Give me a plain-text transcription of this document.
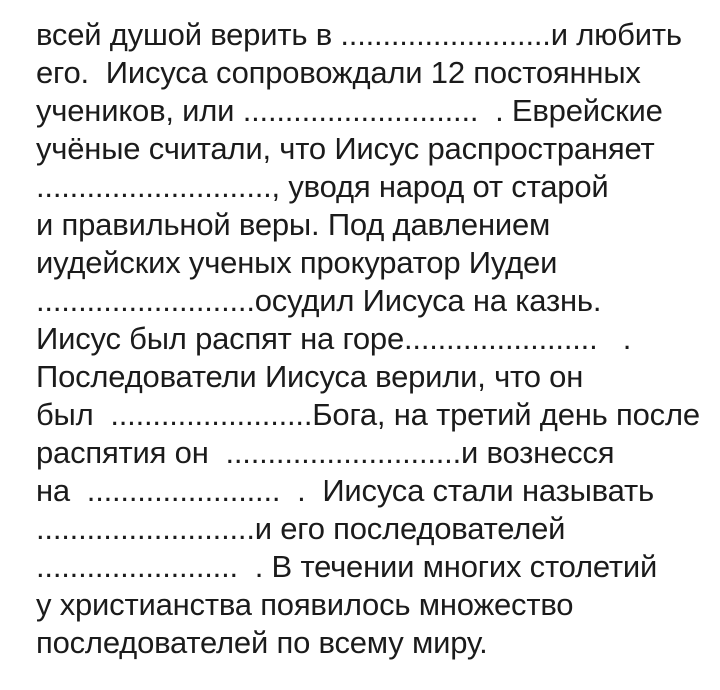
всей душой верить в .........................и любить
его.  Иисуса сопровождали 12 постоянных
учеников, или ............................  . Еврейские
учёные считали, что Иисус распространяет
............................, уводя народ от старой
и правильной веры. Под давлением
иудейских ученых прокуратор Иудеи
..........................осудил Иисуса на казнь.
Иисус был распят на горе.......................   .
Последователи Иисуса верили, что он
был  ........................Бога, на третий день после
распятия он  ............................и вознесся
на  .......................  .  Иисуса стали называть
..........................и его последователей
........................  . В течении многих столетий
у христианства появилось множество
последователей по всему миру.
